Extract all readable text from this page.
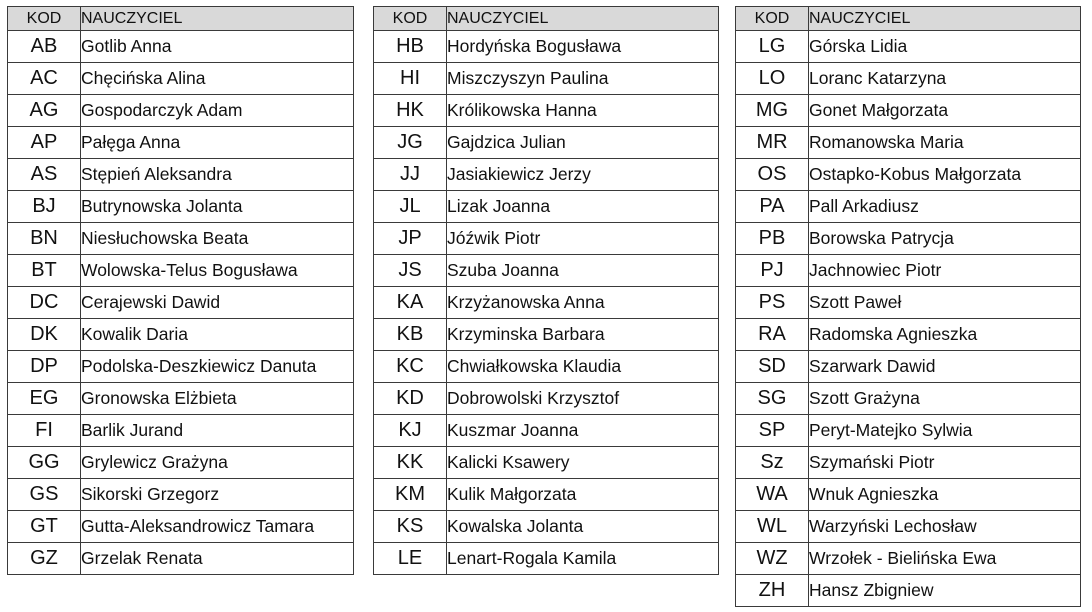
KOD	NAUCZYCIEL
AB	Gotlib Anna
AC	Chęcińska Alina
AG	Gospodarczyk Adam
AP	Pałęga Anna
AS	Stępień Aleksandra
BJ	Butrynowska Jolanta
BN	Niesłuchowska Beata
BT	Wolowska-Telus Bogusława
DC	Cerajewski Dawid
DK	Kowalik Daria
DP	Podolska-Deszkiewicz Danuta
EG	Gronowska Elżbieta
FI	Barlik Jurand
GG	Grylewicz Grażyna
GS	Sikorski Grzegorz
GT	Gutta-Aleksandrowicz Tamara
GZ	Grzelak Renata
KOD	NAUCZYCIEL
HB	Hordyńska Bogusława
HI	Miszczyszyn Paulina
HK	Królikowska Hanna
JG	Gajdzica Julian
JJ	Jasiakiewicz Jerzy
JL	Lizak Joanna
JP	Jóźwik Piotr
JS	Szuba Joanna
KA	Krzyżanowska Anna
KB	Krzyminska Barbara
KC	Chwiałkowska Klaudia
KD	Dobrowolski Krzysztof
KJ	Kuszmar Joanna
KK	Kalicki Ksawery
KM	Kulik Małgorzata
KS	Kowalska Jolanta
LE	Lenart-Rogala Kamila
KOD	NAUCZYCIEL
LG	Górska Lidia
LO	Loranc Katarzyna
MG	Gonet Małgorzata
MR	Romanowska Maria
OS	Ostapko-Kobus Małgorzata
PA	Pall Arkadiusz
PB	Borowska Patrycja
PJ	Jachnowiec Piotr
PS	Szott Paweł
RA	Radomska Agnieszka
SD	Szarwark Dawid
SG	Szott Grażyna
SP	Peryt-Matejko Sylwia
Sz	Szymański Piotr
WA	Wnuk Agnieszka
WL	Warzyński Lechosław
WZ	Wrzołek - Bielińska Ewa
ZH	Hansz Zbigniew
